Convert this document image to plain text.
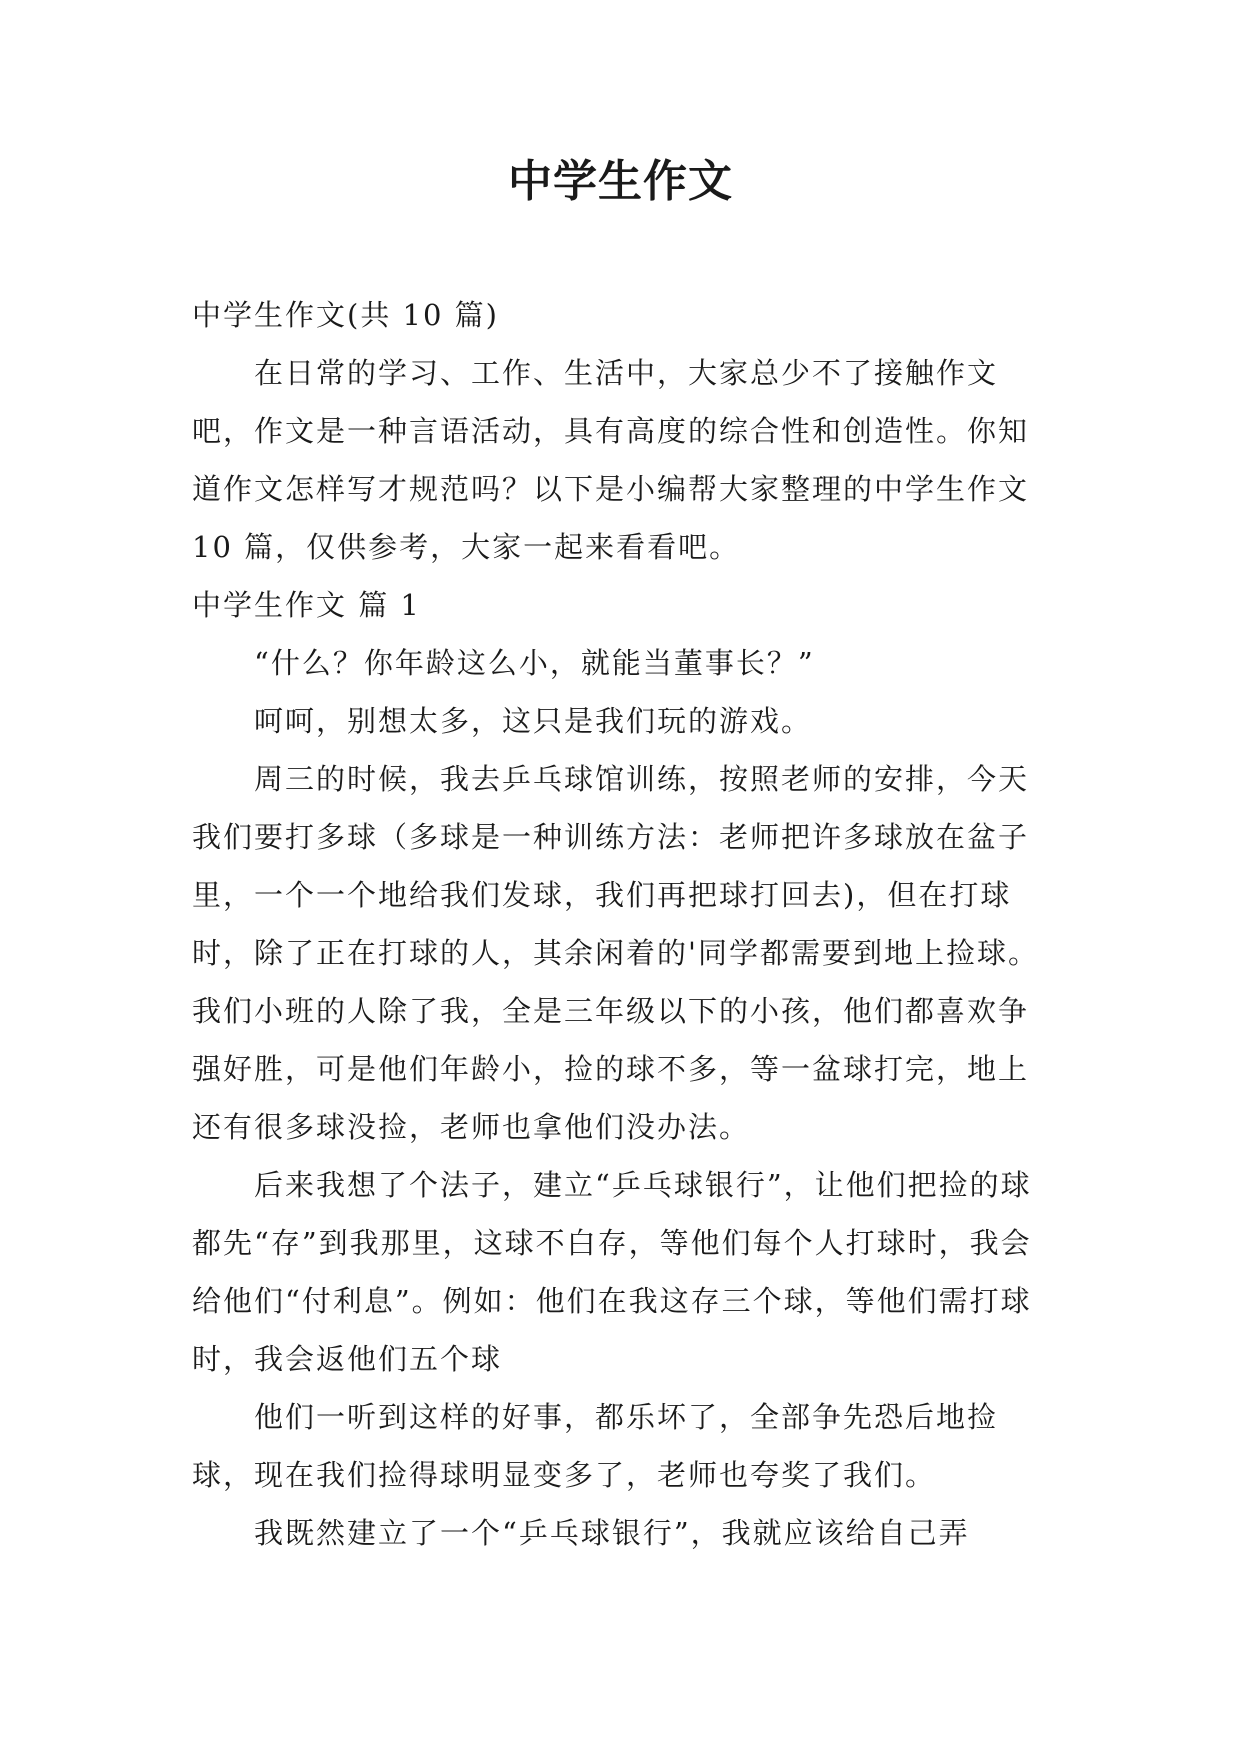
中学生作文

中学生作文(共 10 篇)

在日常的学习、工作、生活中，大家总少不了接触作文吧，作文是一种言语活动，具有高度的综合性和创造性。你知道作文怎样写才规范吗？以下是小编帮大家整理的中学生作文 10 篇，仅供参考，大家一起来看看吧。

中学生作文 篇 1

“什么？你年龄这么小，就能当董事长？”

呵呵，别想太多，这只是我们玩的游戏。

周三的时候，我去乒乓球馆训练，按照老师的安排，今天我们要打多球（多球是一种训练方法：老师把许多球放在盆子里，一个一个地给我们发球，我们再把球打回去)，但在打球时，除了正在打球的人，其余闲着的'同学都需要到地上捡球。我们小班的人除了我，全是三年级以下的小孩，他们都喜欢争强好胜，可是他们年龄小，捡的球不多，等一盆球打完，地上还有很多球没捡，老师也拿他们没办法。

后来我想了个法子，建立“乒乓球银行”，让他们把捡的球都先“存”到我那里，这球不白存，等他们每个人打球时，我会给他们“付利息”。例如：他们在我这存三个球，等他们需打球时，我会返他们五个球

他们一听到这样的好事，都乐坏了，全部争先恐后地捡球，现在我们捡得球明显变多了，老师也夸奖了我们。

我既然建立了一个“乒乓球银行”，我就应该给自己弄
